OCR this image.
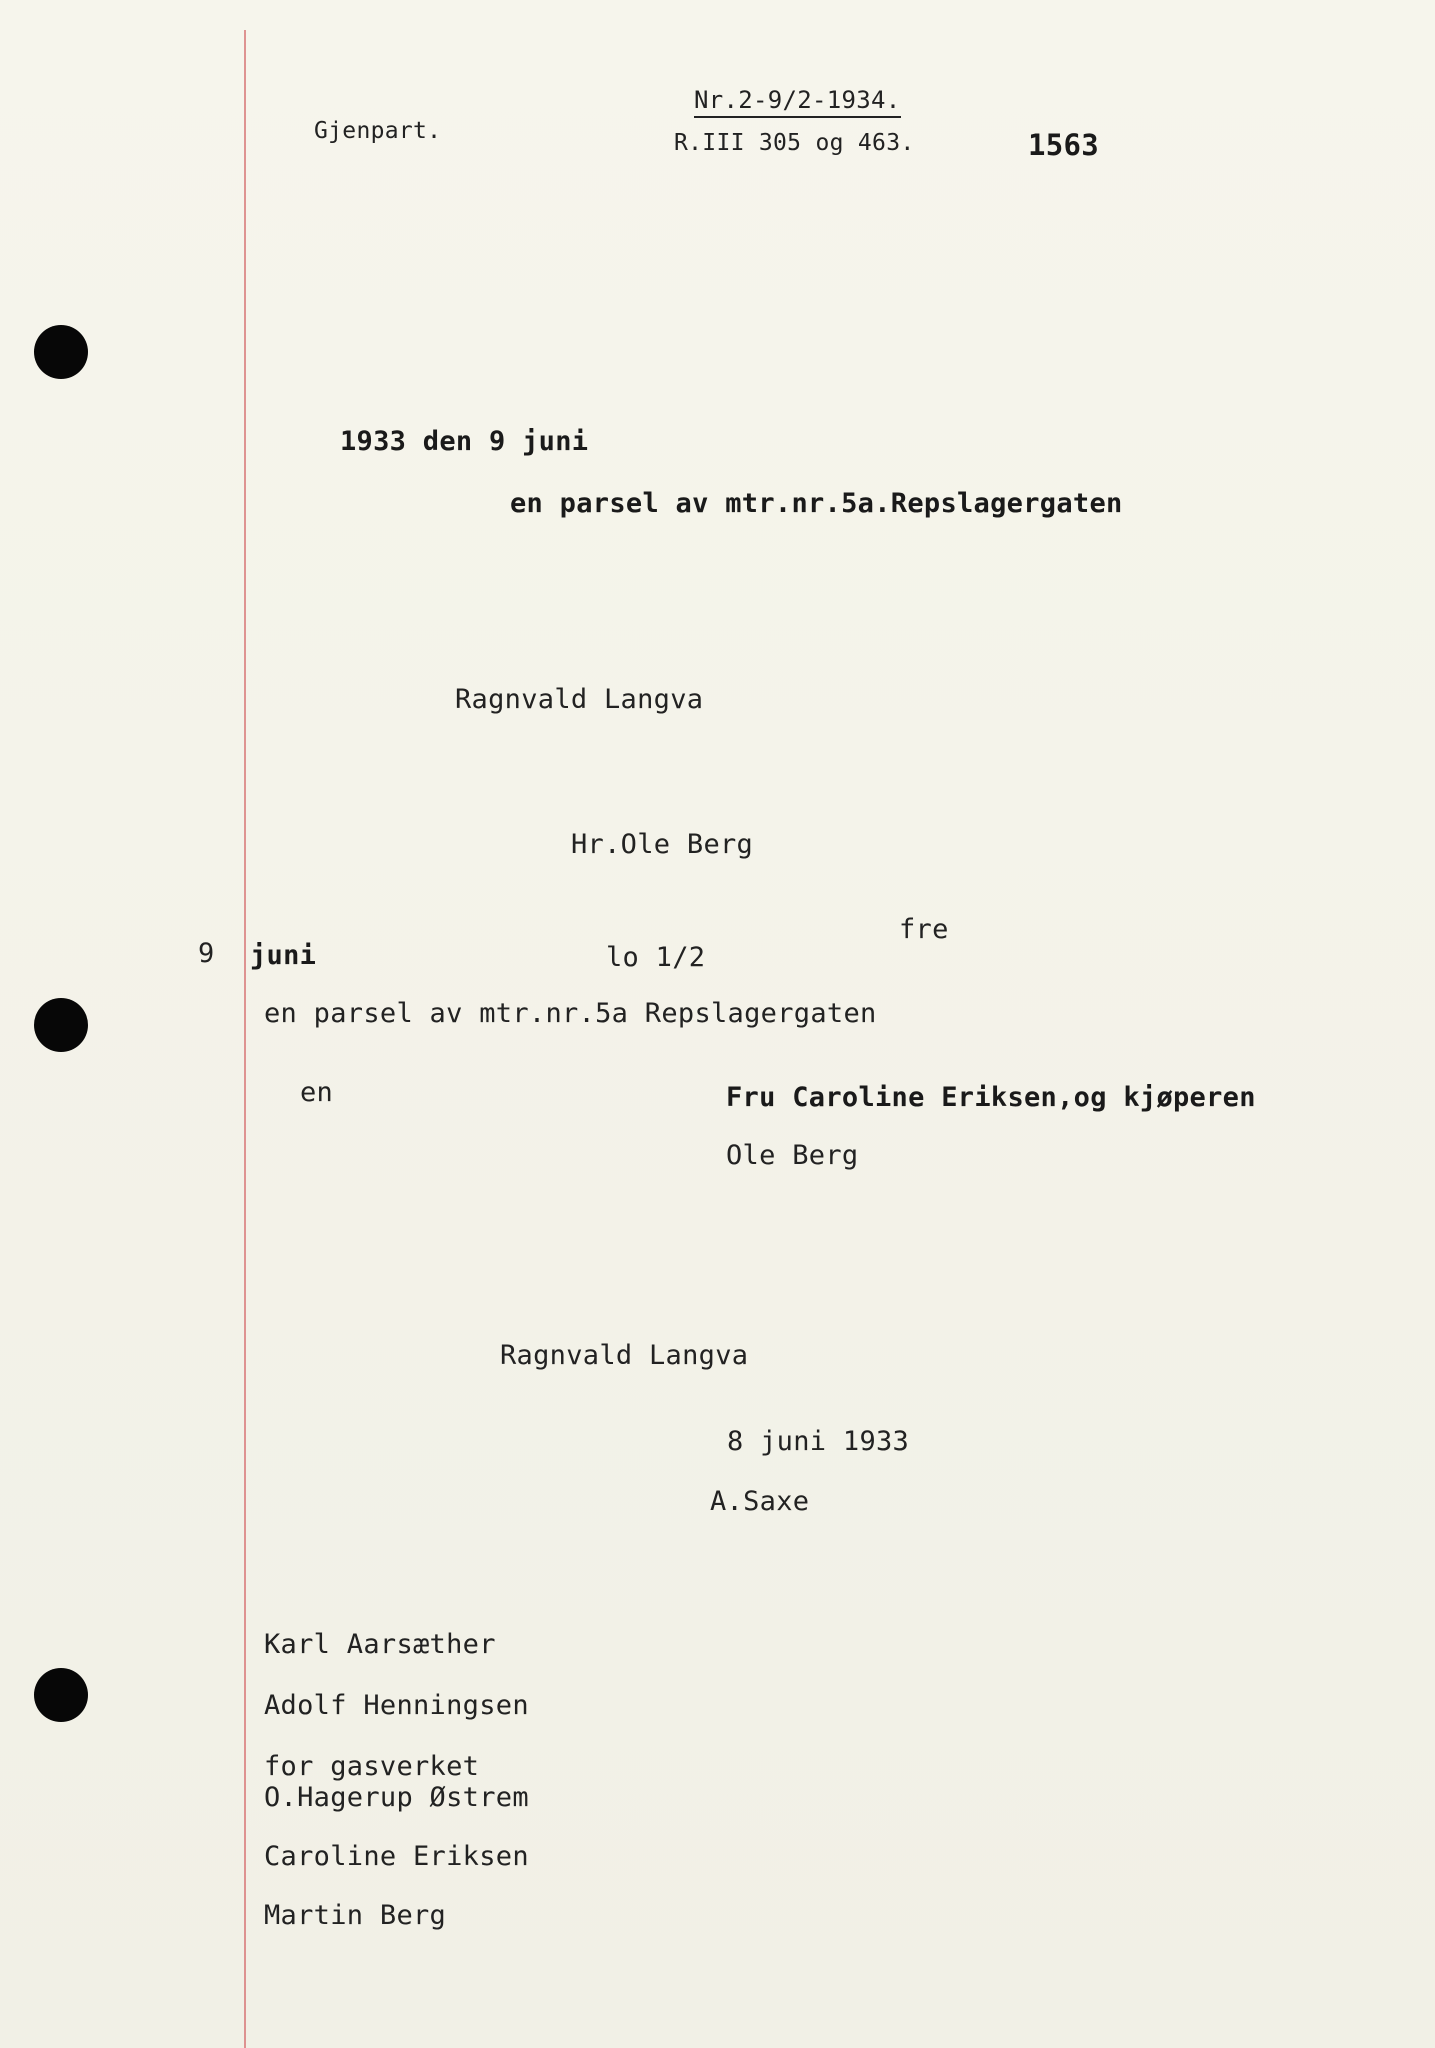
Gjenpart.
Nr.2-9/2-1934.
R.III 305 og 463.	1563
1933 den 9 juni
en parsel av mtr.nr.5a.Repslagergaten
Ragnvald Langva
Hr.Ole Berg
fre
9 juni	lo 1/2
en parsel av mtr.nr.5a Repslagergaten
en	Fru Caroline Eriksen,og kjøperen
Ole Berg
Ragnvald Langva
8 juni 1933
A.Saxe
Karl Aarsæther
Adolf Henningsen
for gasverket
O.Hagerup Østrem
Caroline Eriksen
Martin Berg
